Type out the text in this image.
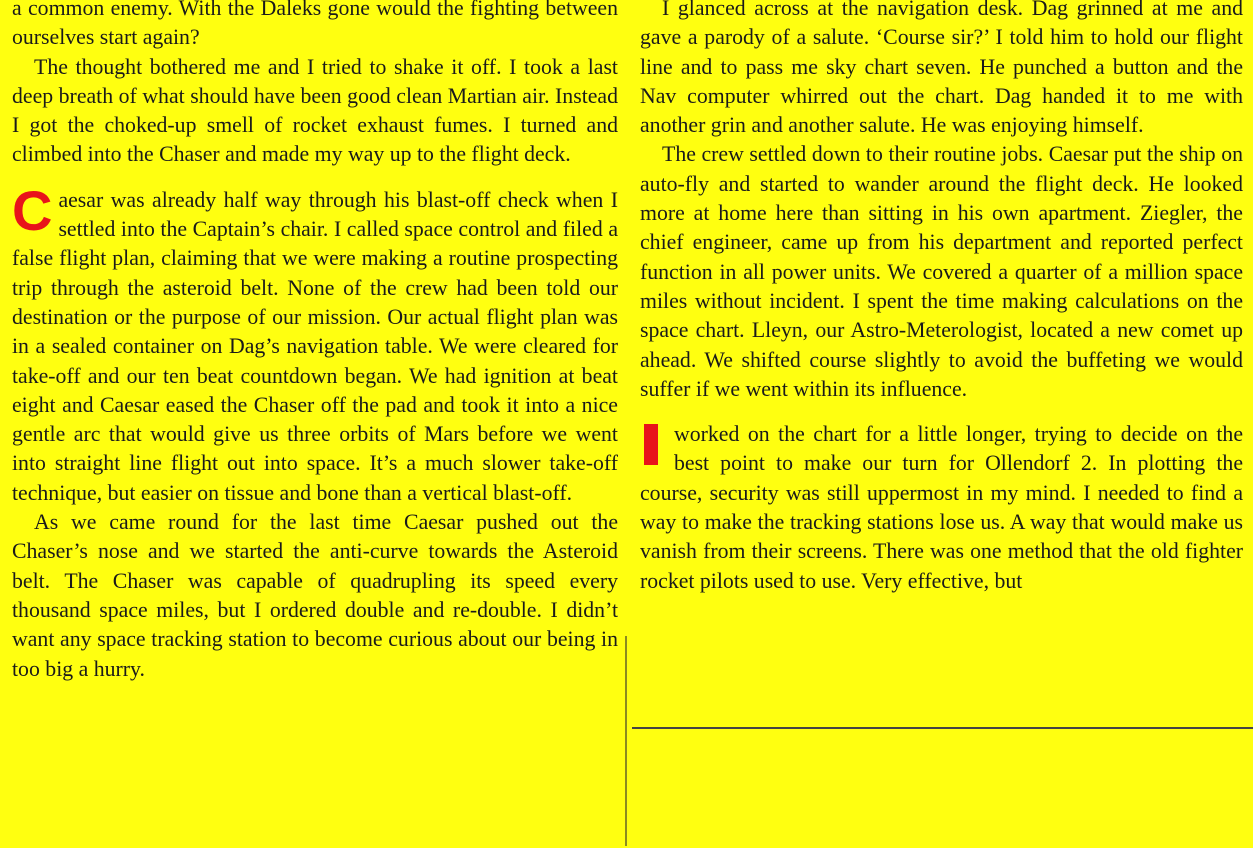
a common enemy. With the Daleks gone would the fighting between ourselves start again?

The thought bothered me and I tried to shake it off. I took a last deep breath of what should have been good clean Martian air. Instead I got the choked-up smell of rocket exhaust fumes. I turned and climbed into the Chaser and made my way up to the flight deck.

Caesar was already half way through his blast-off check when I settled into the Captain’s chair. I called space control and filed a false flight plan, claiming that we were making a routine prospecting trip through the asteroid belt. None of the crew had been told our destination or the purpose of our mission. Our actual flight plan was in a sealed container on Dag’s navigation table. We were cleared for take-off and our ten beat countdown began. We had ignition at beat eight and Caesar eased the Chaser off the pad and took it into a nice gentle arc that would give us three orbits of Mars before we went into straight line flight out into space. It’s a much slower take-off technique, but easier on tissue and bone than a vertical blast-off.

As we came round for the last time Caesar pushed out the Chaser’s nose and we started the anti-curve towards the Asteroid belt. The Chaser was capable of quadrupling its speed every thousand space miles, but I ordered double and re-double. I didn’t want any space tracking station to become curious about our being in too big a hurry.

I glanced across at the navigation desk. Dag grinned at me and gave a parody of a salute. ‘Course sir?’ I told him to hold our flight line and to pass me sky chart seven. He punched a button and the Nav computer whirred out the chart. Dag handed it to me with another grin and another salute. He was enjoying himself.

The crew settled down to their routine jobs. Caesar put the ship on auto-fly and started to wander around the flight deck. He looked more at home here than sitting in his own apartment. Ziegler, the chief engineer, came up from his department and reported perfect function in all power units. We covered a quarter of a million space miles without incident. I spent the time making calculations on the space chart. Lleyn, our Astro-Meterologist, located a new comet up ahead. We shifted course slightly to avoid the buffeting we would suffer if we went within its influence.

worked on the chart for a little longer, trying to decide on the best point to make our turn for Ollendorf 2. In plotting the course, security was still uppermost in my mind. I needed to find a way to make the tracking stations lose us. A way that would make us vanish from their screens. There was one method that the old fighter rocket pilots used to use. Very effective, but
